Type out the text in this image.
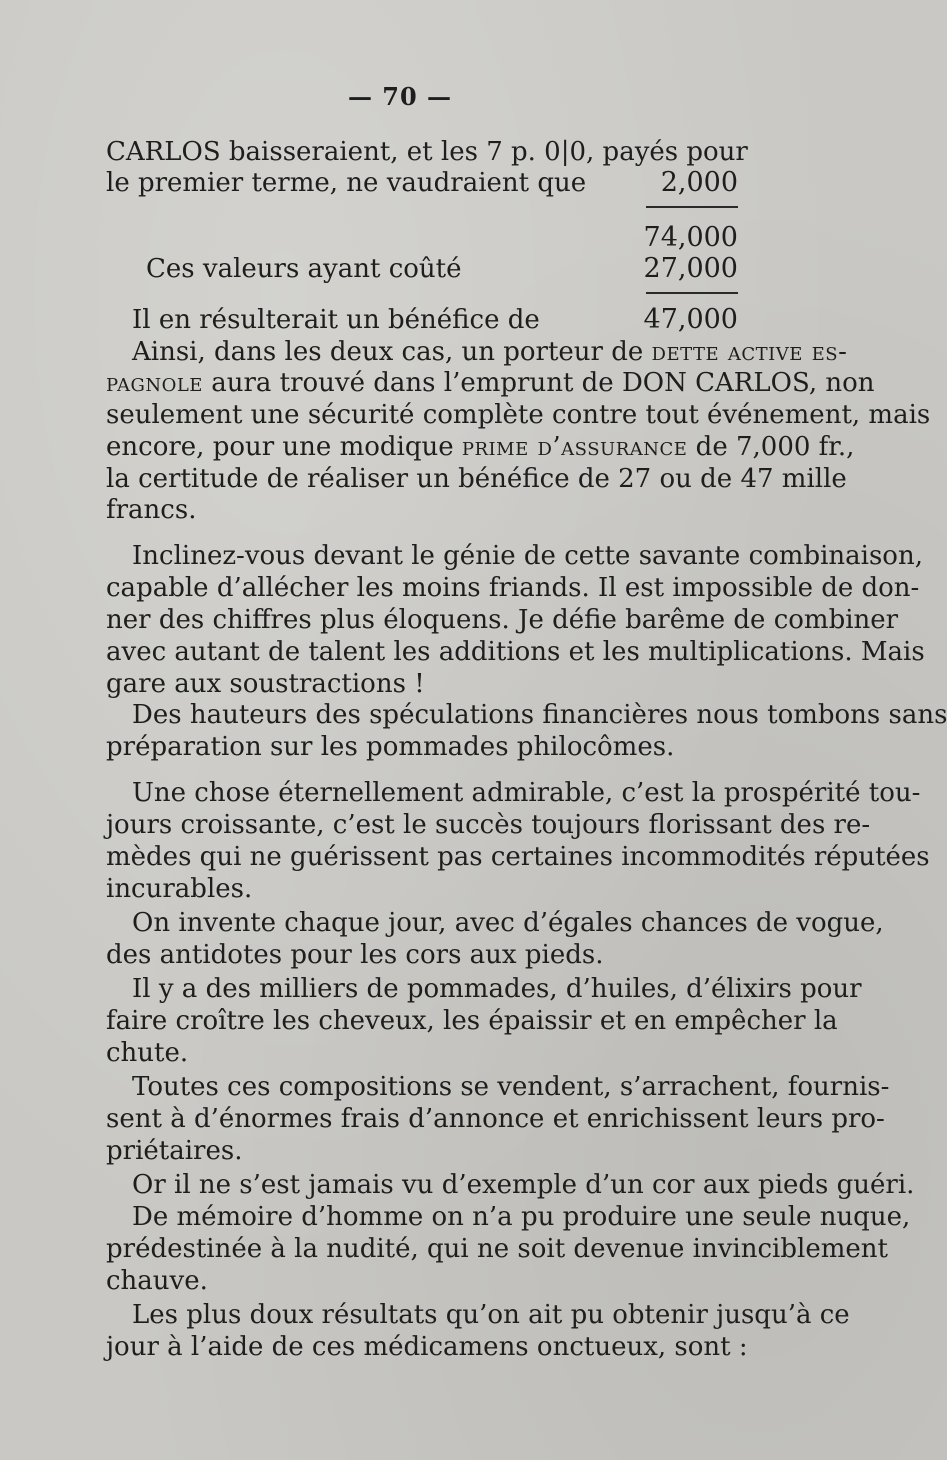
— 70 —
CARLOS baisseraient, et les 7 p. 0|0, payés pour
le premier terme, ne vaudraient que	2,000
74,000
Ces valeurs ayant coûté	27,000
Il en résulterait un bénéfice de	47,000
Ainsi, dans les deux cas, un porteur de dette active es-
pagnole aura trouvé dans l’emprunt de DON CARLOS, non
seulement une sécurité complète contre tout événement, mais
encore, pour une modique prime d’assurance de 7,000 fr.,
la certitude de réaliser un bénéfice de 27 ou de 47 mille
francs.
Inclinez-vous devant le génie de cette savante combinaison,
capable d’allécher les moins friands. Il est impossible de don-
ner des chiffres plus éloquens. Je défie barême de combiner
avec autant de talent les additions et les multiplications. Mais
gare aux soustractions !
Des hauteurs des spéculations financières nous tombons sans
préparation sur les pommades philocômes.
Une chose éternellement admirable, c’est la prospérité tou-
jours croissante, c’est le succès toujours florissant des re-
mèdes qui ne guérissent pas certaines incommodités réputées
incurables.
On invente chaque jour, avec d’égales chances de vogue,
des antidotes pour les cors aux pieds.
Il y a des milliers de pommades, d’huiles, d’élixirs pour
faire croître les cheveux, les épaissir et en empêcher la
chute.
Toutes ces compositions se vendent, s’arrachent, fournis-
sent à d’énormes frais d’annonce et enrichissent leurs pro-
priétaires.
Or il ne s’est jamais vu d’exemple d’un cor aux pieds guéri.
De mémoire d’homme on n’a pu produire une seule nuque,
prédestinée à la nudité, qui ne soit devenue invinciblement
chauve.
Les plus doux résultats qu’on ait pu obtenir jusqu’à ce
jour à l’aide de ces médicamens onctueux, sont :
